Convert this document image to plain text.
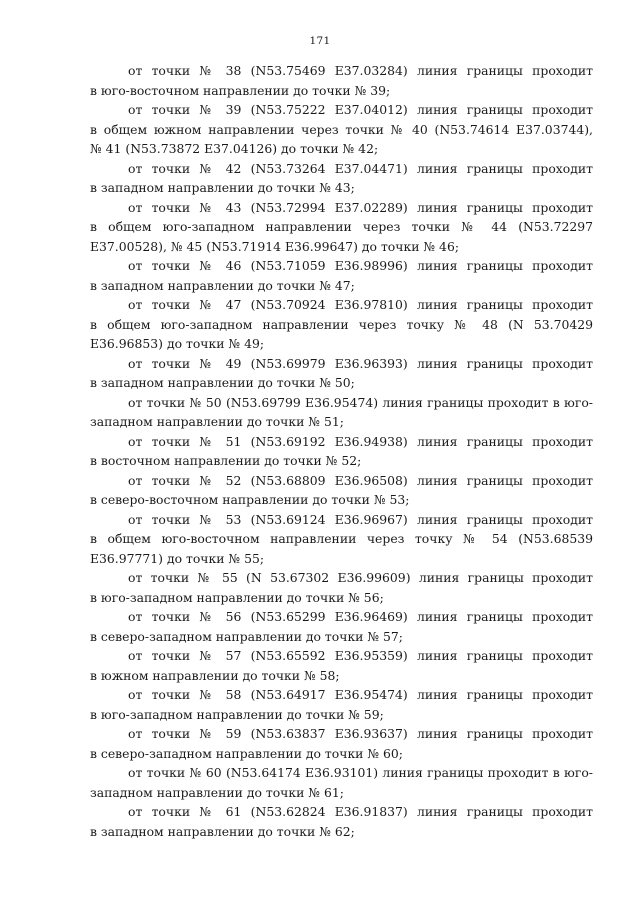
171

от точки № 38 (N53.75469 E37.03284) линия границы проходит
в юго-восточном направлении до точки № 39;

от точки № 39 (N53.75222 E37.04012) линия границы проходит
в общем южном направлении через точки № 40 (N53.74614 E37.03744),
№ 41 (N53.73872 E37.04126) до точки № 42;

от точки № 42 (N53.73264 E37.04471) линия границы проходит
в западном направлении до точки № 43;

от точки № 43 (N53.72994 E37.02289) линия границы проходит
в общем юго-западном направлении через точки № 44 (N53.72297
E37.00528), № 45 (N53.71914 E36.99647) до точки № 46;

от точки № 46 (N53.71059 E36.98996) линия границы проходит
в западном направлении до точки № 47;

от точки № 47 (N53.70924 E36.97810) линия границы проходит
в общем юго-западном направлении через точку № 48 (N 53.70429
E36.96853) до точки № 49;

от точки № 49 (N53.69979 E36.96393) линия границы проходит
в западном направлении до точки № 50;

от точки № 50 (N53.69799 E36.95474) линия границы проходит в юго-
западном направлении до точки № 51;

от точки № 51 (N53.69192 E36.94938) линия границы проходит
в восточном направлении до точки № 52;

от точки № 52 (N53.68809 E36.96508) линия границы проходит
в северо-восточном направлении до точки № 53;

от точки № 53 (N53.69124 E36.96967) линия границы проходит
в общем юго-восточном направлении через точку № 54 (N53.68539
E36.97771) до точки № 55;

от точки № 55 (N 53.67302 E36.99609) линия границы проходит
в юго-западном направлении до точки № 56;

от точки № 56 (N53.65299 E36.96469) линия границы проходит
в северо-западном направлении до точки № 57;

от точки № 57 (N53.65592 E36.95359) линия границы проходит
в южном направлении до точки № 58;

от точки № 58 (N53.64917 E36.95474) линия границы проходит
в юго-западном направлении до точки № 59;

от точки № 59 (N53.63837 E36.93637) линия границы проходит
в северо-западном направлении до точки № 60;

от точки № 60 (N53.64174 E36.93101) линия границы проходит в юго-
западном направлении до точки № 61;

от точки № 61 (N53.62824 E36.91837) линия границы проходит
в западном направлении до точки № 62;
